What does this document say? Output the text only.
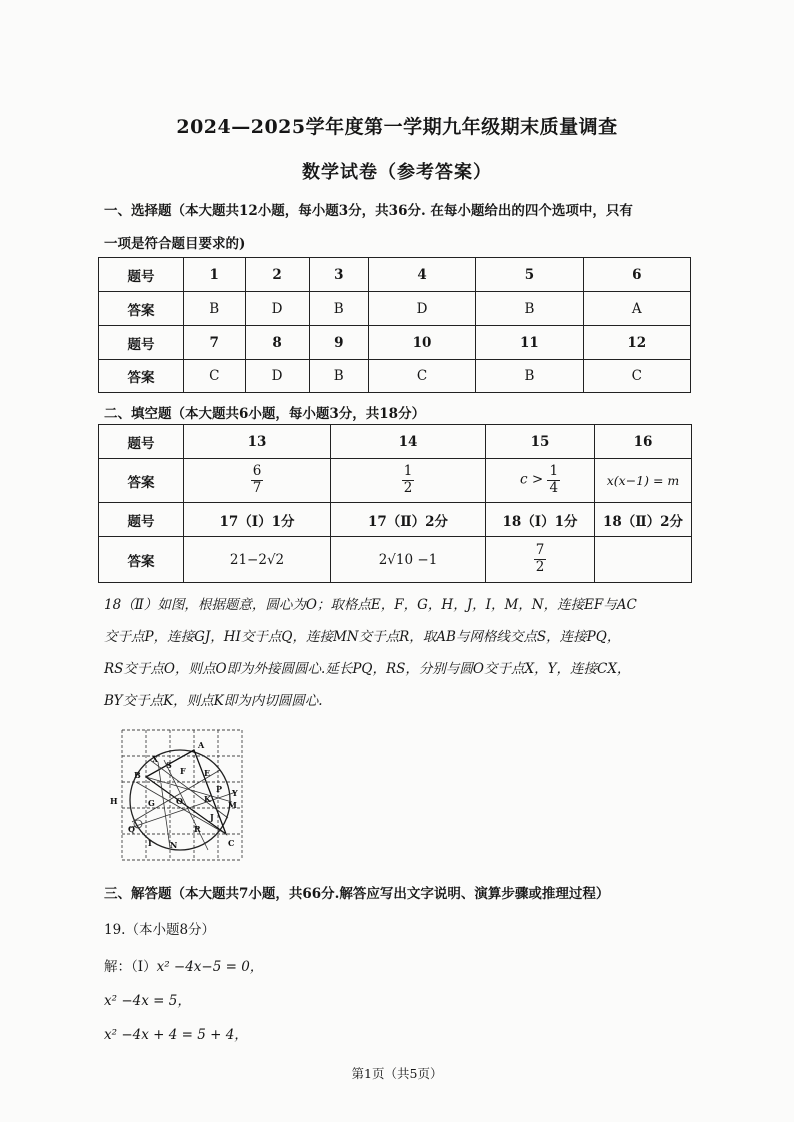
2024—2025学年度第一学期九年级期末质量调查
数学试卷（参考答案）
一、选择题（本大题共12小题，每小题3分，共36分. 在每小题给出的四个选项中，只有
一项是符合题目要求的)
题号	1	2	3	4	5	6
答案	B	D	B	D	B	A
题号	7	8	9	10	11	12
答案	C	D	B	C	B	C
二、填空题（本大题共6小题，每小题3分，共18分）
题号	13	14	15	16
答案	$\frac{6}{7}$	$\frac{1}{2}$	$c > \frac{1}{4}$	x(x−1) = m
题号	17（Ⅰ）1分	17（Ⅱ）2分	18（Ⅰ）1分	18（Ⅱ）2分
答案	21−2√2	2√10 −1	$\frac{7}{2}$

18（Ⅱ）如图，根据题意，圆心为O；取格点E，F，G，H，J，I，M，N，连接EF与AC
交于点P，连接GJ，HI交于点Q，连接MN交于点R，取AB与网格线交点S，连接PQ，
RS交于点O，则点O即为外接圆圆心.延长PQ，RS，分别与圆O交于点X，Y，连接CX，
BY交于点K，则点K即为内切圆圆心.
A
B
C
H	G	O	K
Y
M
X
S
Q	R
I N
E
F
J
P
三、解答题（本大题共7小题，共66分.解答应写出文字说明、演算步骤或推理过程）
19.（本小题8分）
解：（Ⅰ）x² −4x−5 = 0，
x² −4x = 5，
x² −4x + 4 = 5 + 4，
第1页（共5页）
